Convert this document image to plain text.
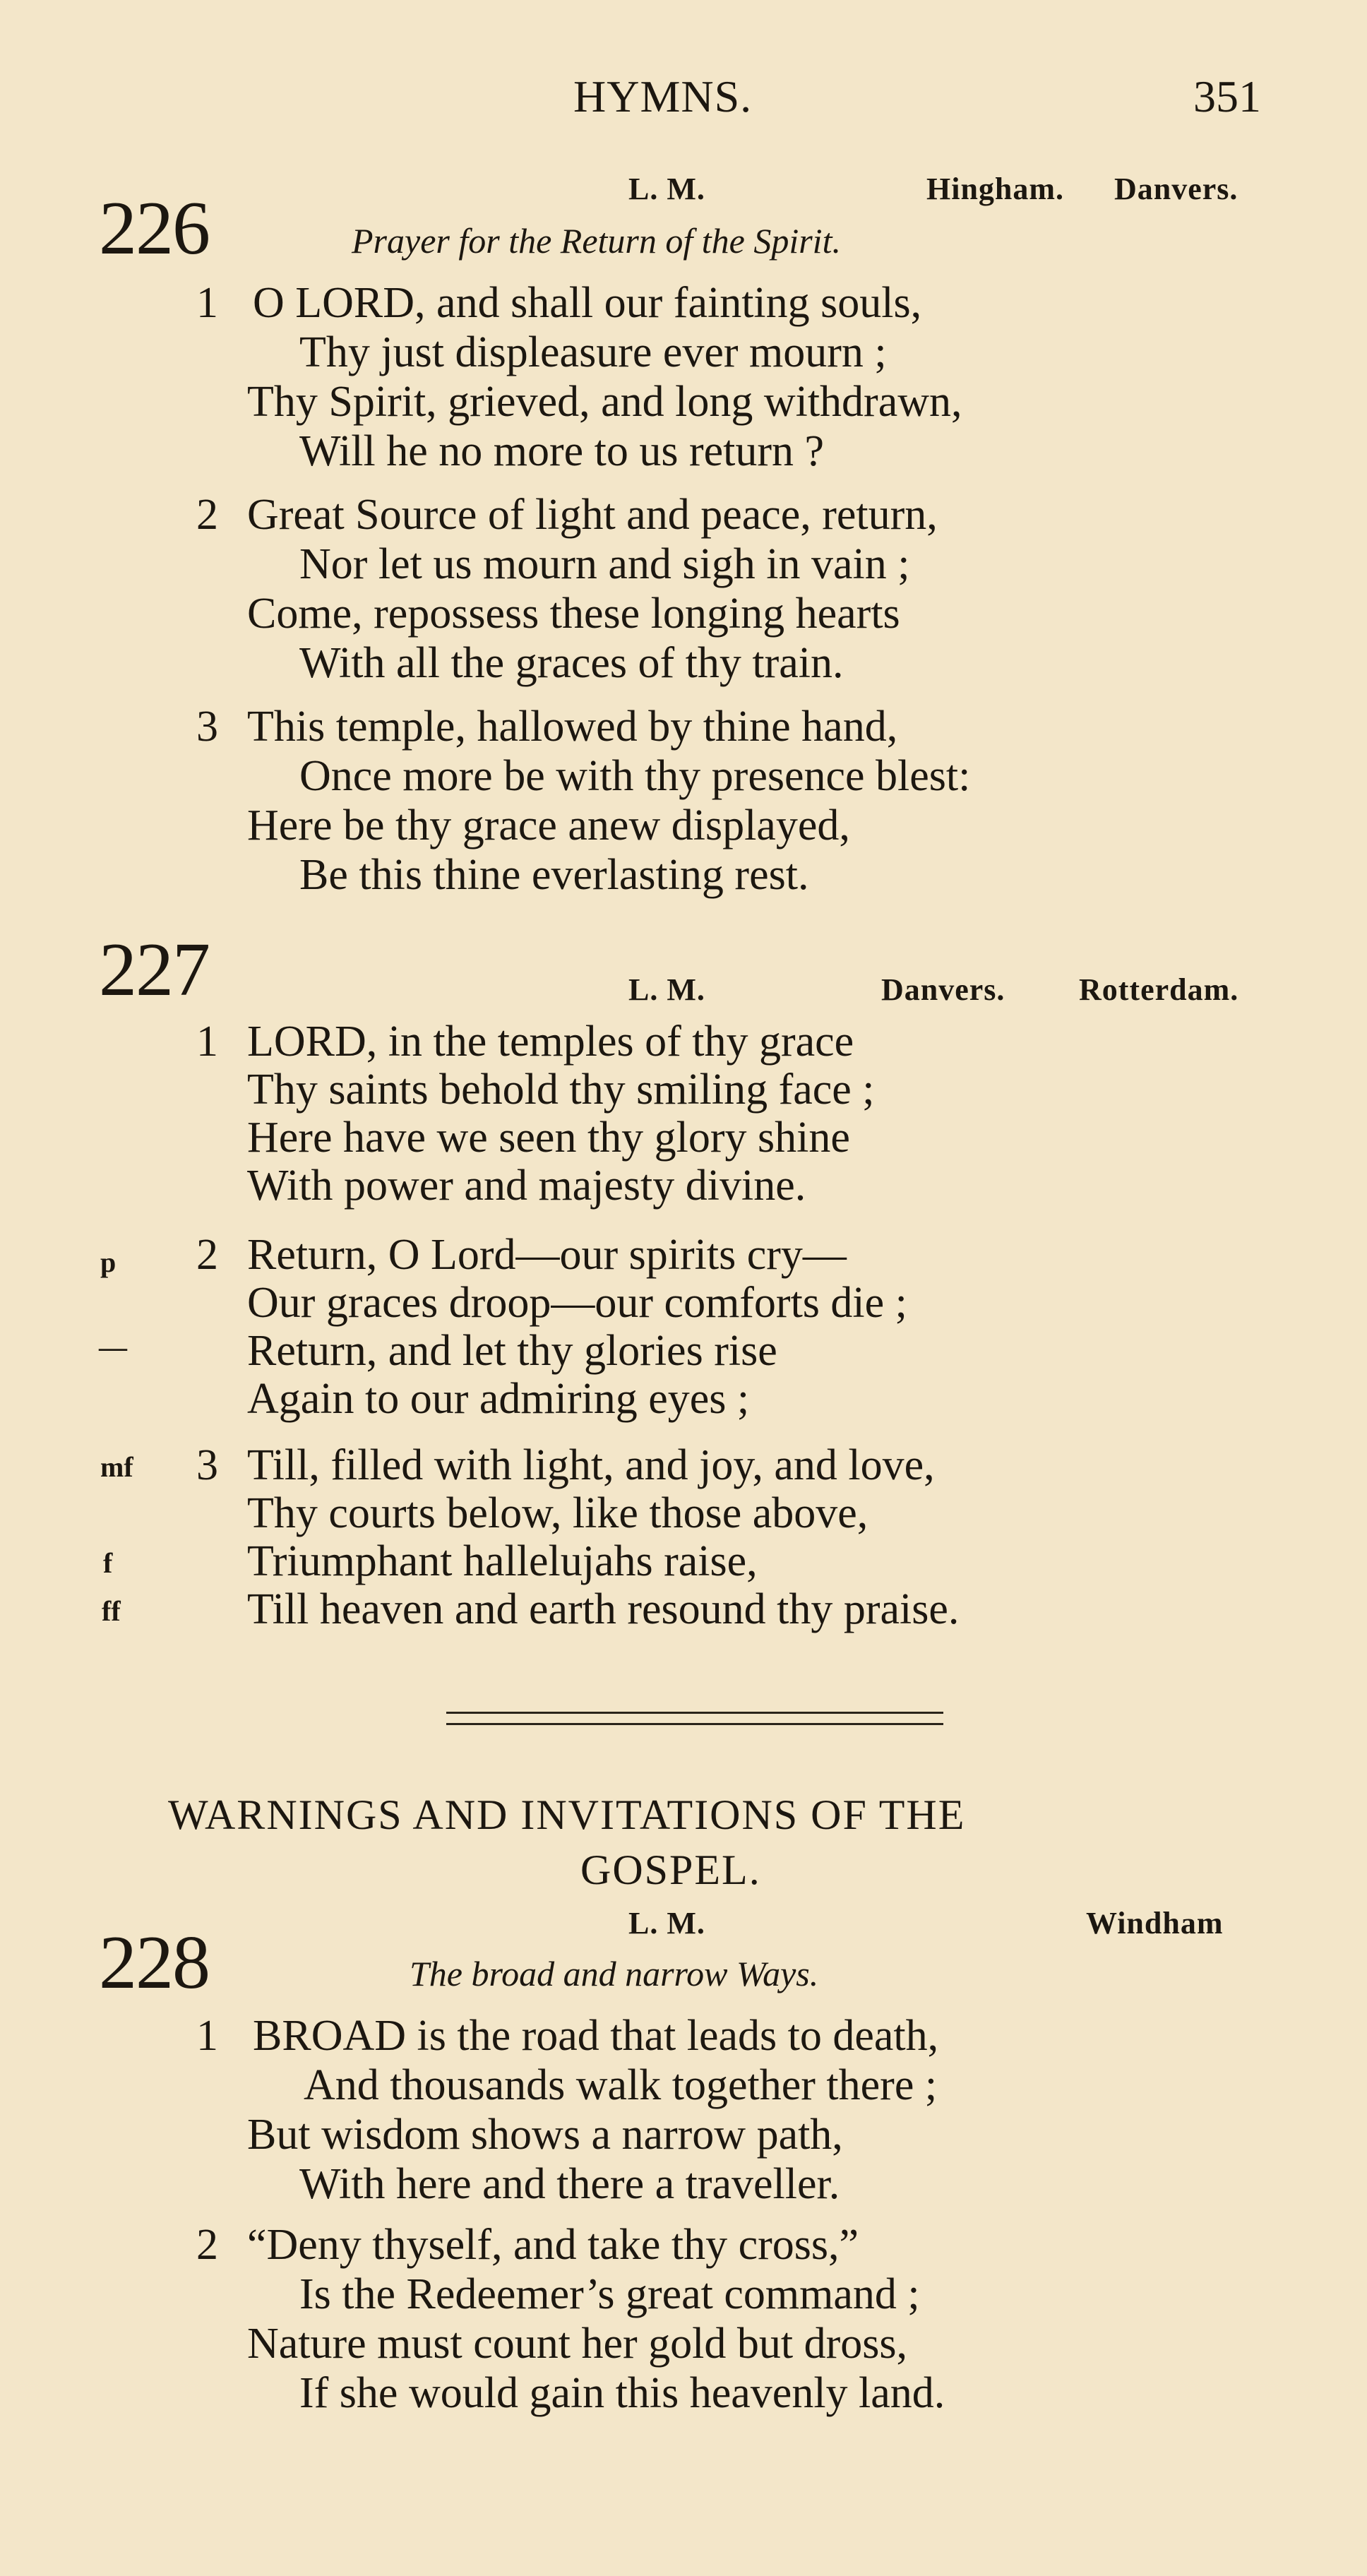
HYMNS.	351
L. M.	Hingham. Danvers.
226	Prayer for the Return of the Spirit.
1 O LORD, and shall our fainting souls,
Thy just displeasure ever mourn ;
Thy Spirit, grieved, and long withdrawn,
Will he no more to us return ?
2 Great Source of light and peace, return,
Nor let us mourn and sigh in vain ;
Come, repossess these longing hearts
With all the graces of thy train.
3 This temple, hallowed by thine hand,
Once more be with thy presence blest:
Here be thy grace anew displayed,
Be this thine everlasting rest.
227	L. M.	Danvers. Rotterdam.
1 LORD, in the temples of thy grace
Thy saints behold thy smiling face ;
Here have we seen thy glory shine
With power and majesty divine.
p 2 Return, O Lord—our spirits cry—
Our graces droop—our comforts die ;
—	Return, and let thy glories rise
Again to our admiring eyes ;
mf 3 Till, filled with light, and joy, and love,
Thy courts below, like those above,
f	Triumphant hallelujahs raise,
ff	Till heaven and earth resound thy praise.
WARNINGS AND INVITATIONS OF THE
GOSPEL.
L. M.	Windham
228	The broad and narrow Ways.
1 BROAD is the road that leads to death,
And thousands walk together there ;
But wisdom shows a narrow path,
With here and there a traveller.
2 “Deny thyself, and take thy cross,”
Is the Redeemer’s great command ;
Nature must count her gold but dross,
If she would gain this heavenly land.
